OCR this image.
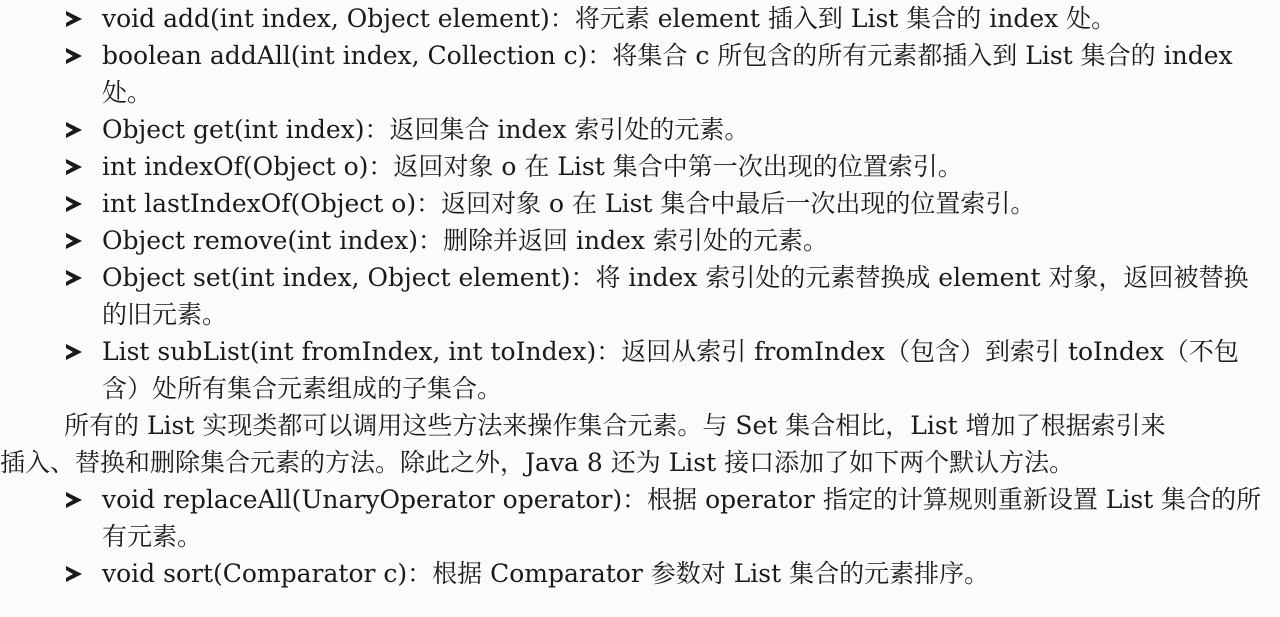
void add(int index, Object element)：将元素 element 插入到 List 集合的 index 处。
boolean addAll(int index, Collection c)：将集合 c 所包含的所有元素都插入到 List 集合的 index 处。
Object get(int index)：返回集合 index 索引处的元素。
int indexOf(Object o)：返回对象 o 在 List 集合中第一次出现的位置索引。
int lastIndexOf(Object o)：返回对象 o 在 List 集合中最后一次出现的位置索引。
Object remove(int index)：删除并返回 index 索引处的元素。
Object set(int index, Object element)：将 index 索引处的元素替换成 element 对象，返回被替换的旧元素。
List subList(int fromIndex, int toIndex)：返回从索引 fromIndex（包含）到索引 toIndex（不包含）处所有集合元素组成的子集合。

所有的 List 实现类都可以调用这些方法来操作集合元素。与 Set 集合相比，List 增加了根据索引来
插入、替换和删除集合元素的方法。除此之外，Java 8 还为 List 接口添加了如下两个默认方法。

void replaceAll(UnaryOperator operator)：根据 operator 指定的计算规则重新设置 List 集合的所有元素。
void sort(Comparator c)：根据 Comparator 参数对 List 集合的元素排序。
